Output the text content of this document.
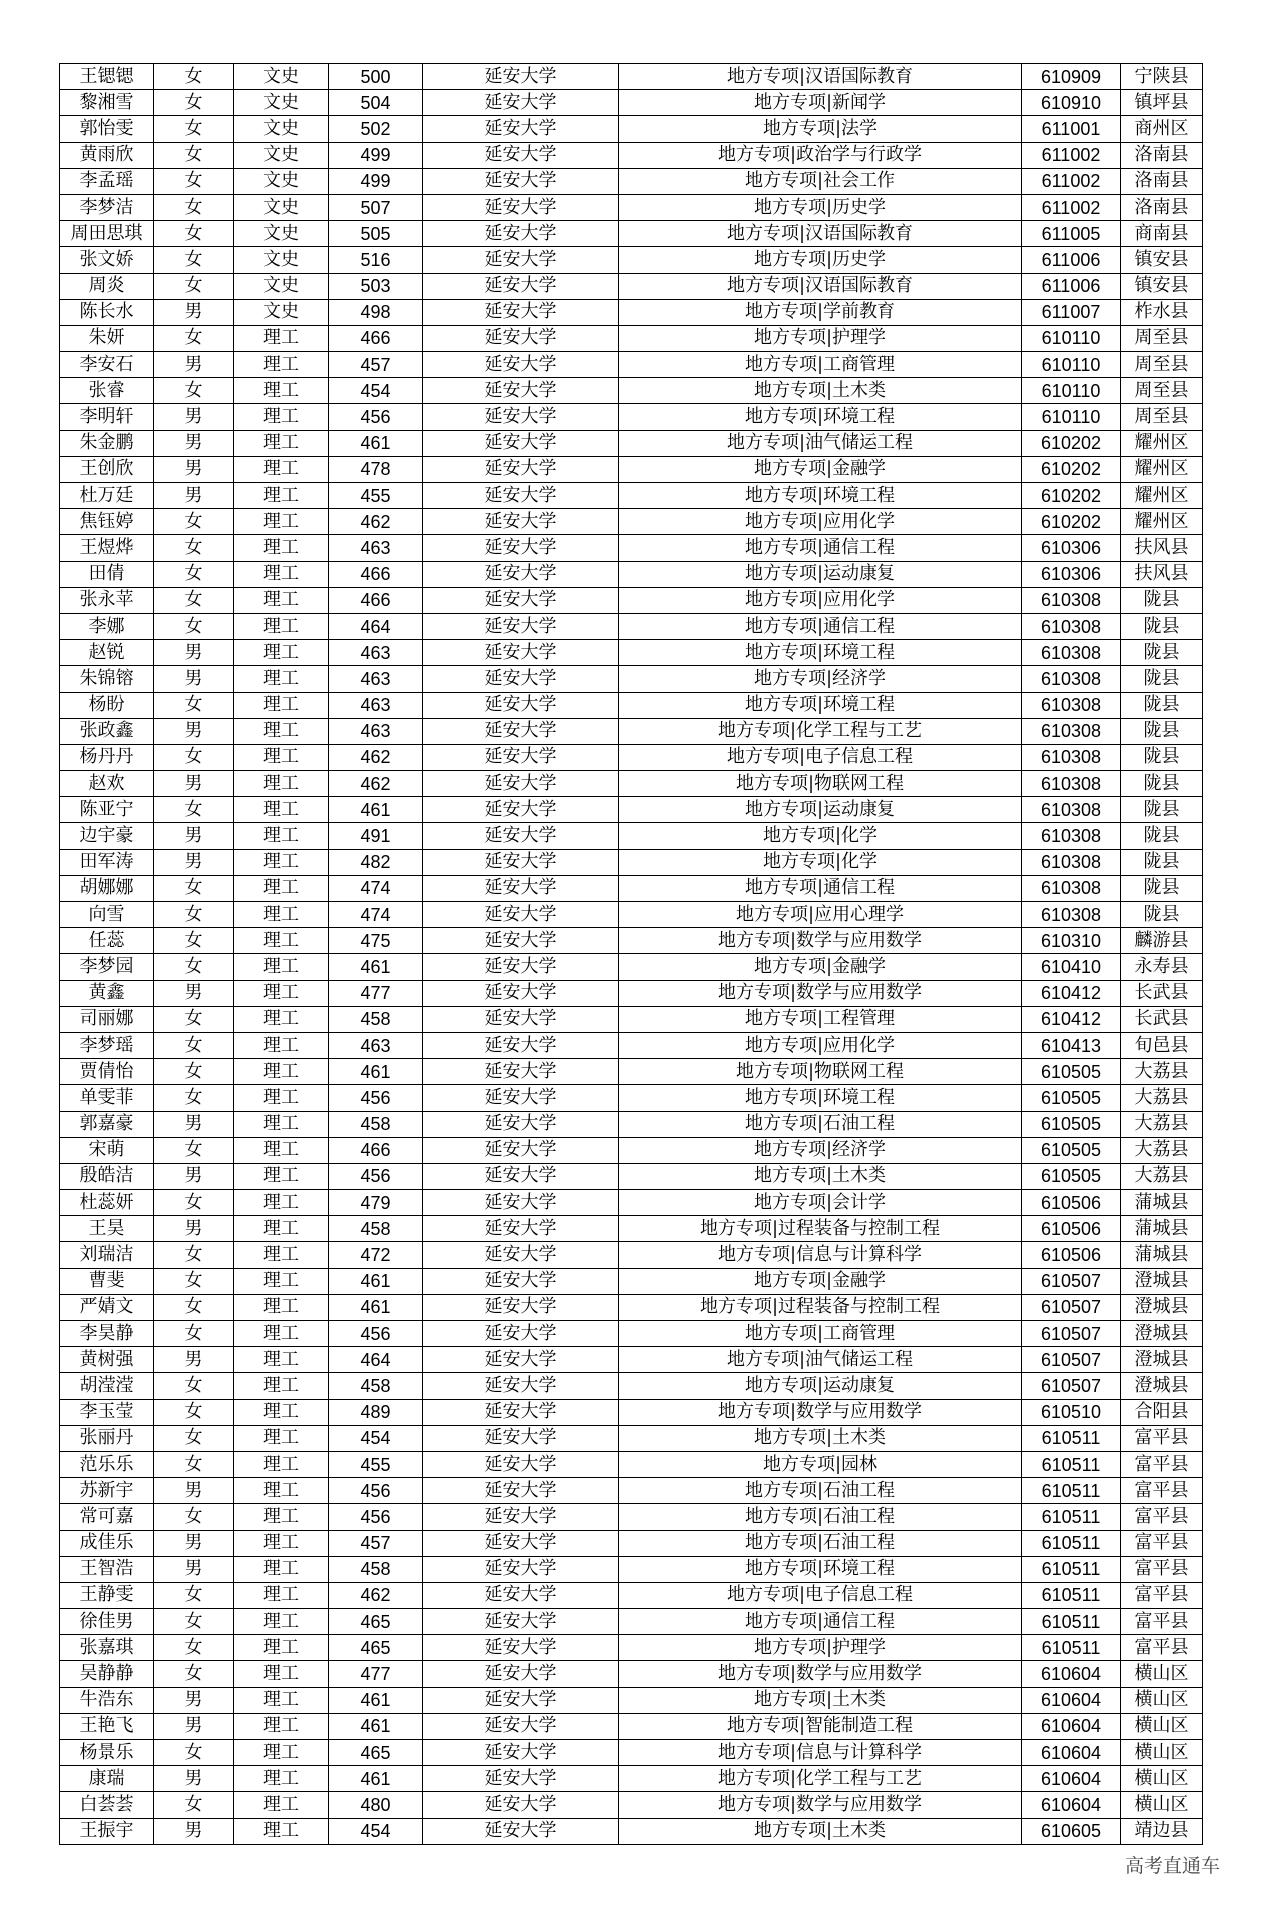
王锶锶	女	文史	500	延安大学	地方专项|汉语国际教育	610909	宁陕县
黎湘雪	女	文史	504	延安大学	地方专项|新闻学	610910	镇坪县
郭怡雯	女	文史	502	延安大学	地方专项|法学	611001	商州区
黄雨欣	女	文史	499	延安大学	地方专项|政治学与行政学	611002	洛南县
李孟瑶	女	文史	499	延安大学	地方专项|社会工作	611002	洛南县
李梦洁	女	文史	507	延安大学	地方专项|历史学	611002	洛南县
周田思琪	女	文史	505	延安大学	地方专项|汉语国际教育	611005	商南县
张文娇	女	文史	516	延安大学	地方专项|历史学	611006	镇安县
周炎	女	文史	503	延安大学	地方专项|汉语国际教育	611006	镇安县
陈长水	男	文史	498	延安大学	地方专项|学前教育	611007	柞水县
朱妍	女	理工	466	延安大学	地方专项|护理学	610110	周至县
李安石	男	理工	457	延安大学	地方专项|工商管理	610110	周至县
张睿	女	理工	454	延安大学	地方专项|土木类	610110	周至县
李明轩	男	理工	456	延安大学	地方专项|环境工程	610110	周至县
朱金鹏	男	理工	461	延安大学	地方专项|油气储运工程	610202	耀州区
王创欣	男	理工	478	延安大学	地方专项|金融学	610202	耀州区
杜万廷	男	理工	455	延安大学	地方专项|环境工程	610202	耀州区
焦钰婷	女	理工	462	延安大学	地方专项|应用化学	610202	耀州区
王煜烨	女	理工	463	延安大学	地方专项|通信工程	610306	扶风县
田倩	女	理工	466	延安大学	地方专项|运动康复	610306	扶风县
张永苹	女	理工	466	延安大学	地方专项|应用化学	610308	陇县
李娜	女	理工	464	延安大学	地方专项|通信工程	610308	陇县
赵锐	男	理工	463	延安大学	地方专项|环境工程	610308	陇县
朱锦镕	男	理工	463	延安大学	地方专项|经济学	610308	陇县
杨盼	女	理工	463	延安大学	地方专项|环境工程	610308	陇县
张政鑫	男	理工	463	延安大学	地方专项|化学工程与工艺	610308	陇县
杨丹丹	女	理工	462	延安大学	地方专项|电子信息工程	610308	陇县
赵欢	男	理工	462	延安大学	地方专项|物联网工程	610308	陇县
陈亚宁	女	理工	461	延安大学	地方专项|运动康复	610308	陇县
边宇豪	男	理工	491	延安大学	地方专项|化学	610308	陇县
田军涛	男	理工	482	延安大学	地方专项|化学	610308	陇县
胡娜娜	女	理工	474	延安大学	地方专项|通信工程	610308	陇县
向雪	女	理工	474	延安大学	地方专项|应用心理学	610308	陇县
任蕊	女	理工	475	延安大学	地方专项|数学与应用数学	610310	麟游县
李梦园	女	理工	461	延安大学	地方专项|金融学	610410	永寿县
黄鑫	男	理工	477	延安大学	地方专项|数学与应用数学	610412	长武县
司丽娜	女	理工	458	延安大学	地方专项|工程管理	610412	长武县
李梦瑶	女	理工	463	延安大学	地方专项|应用化学	610413	旬邑县
贾倩怡	女	理工	461	延安大学	地方专项|物联网工程	610505	大荔县
单雯菲	女	理工	456	延安大学	地方专项|环境工程	610505	大荔县
郭嘉豪	男	理工	458	延安大学	地方专项|石油工程	610505	大荔县
宋萌	女	理工	466	延安大学	地方专项|经济学	610505	大荔县
殷皓洁	男	理工	456	延安大学	地方专项|土木类	610505	大荔县
杜蕊妍	女	理工	479	延安大学	地方专项|会计学	610506	蒲城县
王昊	男	理工	458	延安大学	地方专项|过程装备与控制工程	610506	蒲城县
刘瑞洁	女	理工	472	延安大学	地方专项|信息与计算科学	610506	蒲城县
曹斐	女	理工	461	延安大学	地方专项|金融学	610507	澄城县
严婧文	女	理工	461	延安大学	地方专项|过程装备与控制工程	610507	澄城县
李昊静	女	理工	456	延安大学	地方专项|工商管理	610507	澄城县
黄树强	男	理工	464	延安大学	地方专项|油气储运工程	610507	澄城县
胡滢滢	女	理工	458	延安大学	地方专项|运动康复	610507	澄城县
李玉莹	女	理工	489	延安大学	地方专项|数学与应用数学	610510	合阳县
张丽丹	女	理工	454	延安大学	地方专项|土木类	610511	富平县
范乐乐	女	理工	455	延安大学	地方专项|园林	610511	富平县
苏新宇	男	理工	456	延安大学	地方专项|石油工程	610511	富平县
常可嘉	女	理工	456	延安大学	地方专项|石油工程	610511	富平县
成佳乐	男	理工	457	延安大学	地方专项|石油工程	610511	富平县
王智浩	男	理工	458	延安大学	地方专项|环境工程	610511	富平县
王静雯	女	理工	462	延安大学	地方专项|电子信息工程	610511	富平县
徐佳男	女	理工	465	延安大学	地方专项|通信工程	610511	富平县
张嘉琪	女	理工	465	延安大学	地方专项|护理学	610511	富平县
吴静静	女	理工	477	延安大学	地方专项|数学与应用数学	610604	横山区
牛浩东	男	理工	461	延安大学	地方专项|土木类	610604	横山区
王艳飞	男	理工	461	延安大学	地方专项|智能制造工程	610604	横山区
杨景乐	女	理工	465	延安大学	地方专项|信息与计算科学	610604	横山区
康瑞	男	理工	461	延安大学	地方专项|化学工程与工艺	610604	横山区
白荟荟	女	理工	480	延安大学	地方专项|数学与应用数学	610604	横山区
王振宇	男	理工	454	延安大学	地方专项|土木类	610605	靖边县
高考直通车
